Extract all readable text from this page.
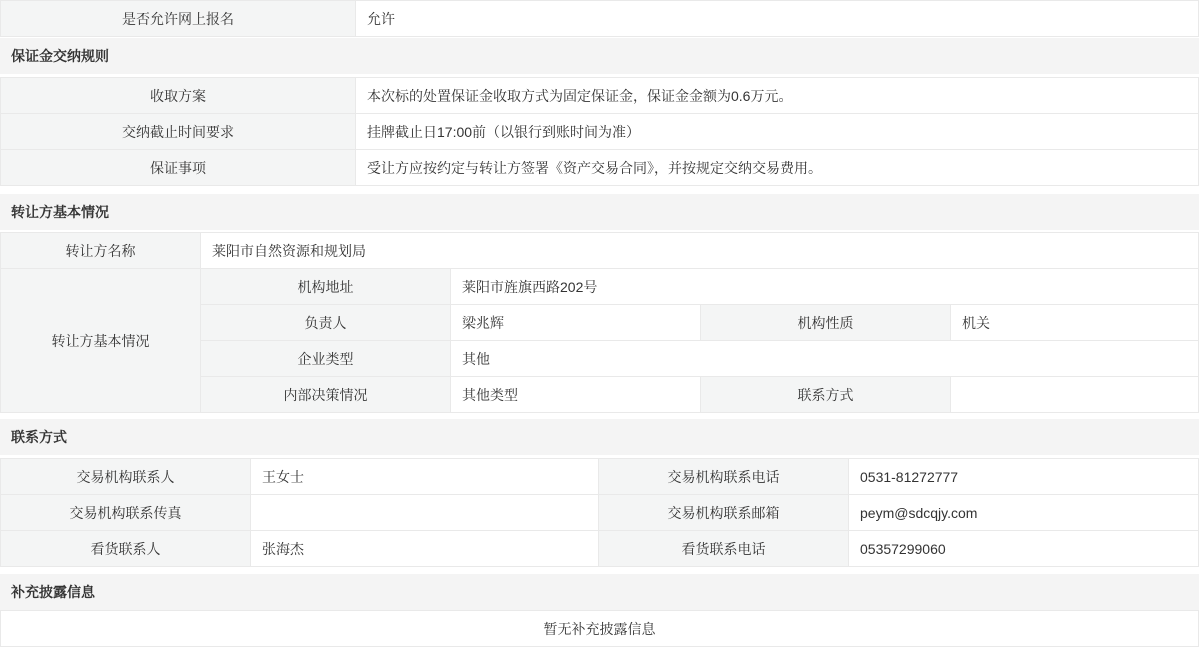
是否允许网上报名	允许
保证金交纳规则
收取方案	本次标的处置保证金收取方式为固定保证金，保证金金额为0.6万元。
交纳截止时间要求	挂牌截止日17:00前（以银行到账时间为准）
保证事项	受让方应按约定与转让方签署《资产交易合同》，并按规定交纳交易费用。
转让方基本情况
转让方名称	莱阳市自然资源和规划局			
转让方基本情况	机构地址	莱阳市旌旗西路202号		
	负责人	梁兆辉	机构性质	机关
	企业类型	其他		
	内部决策情况	其他类型	联系方式	
联系方式
交易机构联系人	王女士	交易机构联系电话	0531-81272777
交易机构联系传真		交易机构联系邮箱	peym@sdcqjy.com
看货联系人	张海杰	看货联系电话	05357299060
补充披露信息
暂无补充披露信息
